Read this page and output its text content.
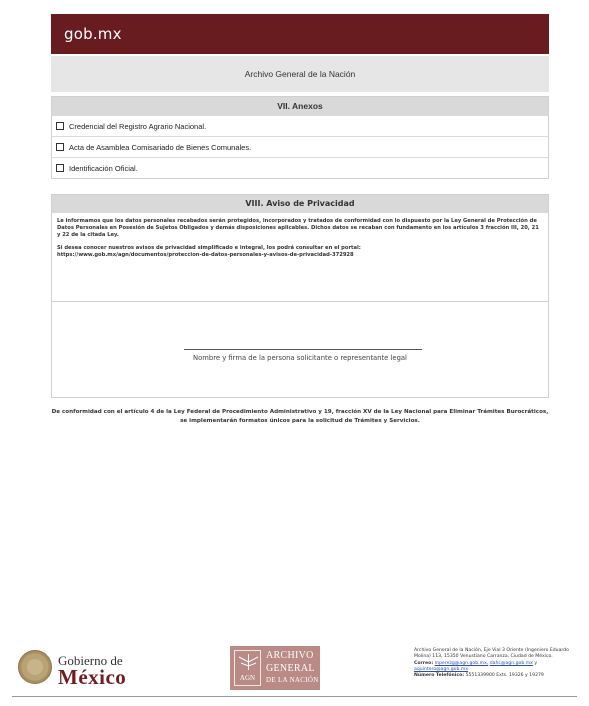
gob.mx
Archivo General de la Nación
VII. Anexos
Credencial del Registro Agrario Nacional.
Acta de Asamblea Comisariado de Bienes Comunales.
Identificación Oficial.
VIII. Aviso de Privacidad

Le informamos que los datos personales recabados serán protegidos, incorporados y tratados de conformidad con lo dispuesto por la Ley General de Protección de Datos Personales en Posesión de Sujetos Obligados y demás disposiciones aplicables. Dichos datos se recaban con fundamento en los artículos 3 fracción III, 20, 21 y 22 de la citada Ley.

Si desea conocer nuestros avisos de privacidad simplificado e integral, los podrá consultar en el portal:
https://www.gob.mx/agn/documentos/proteccion-de-datos-personales-y-avisos-de-privacidad-372928

Nombre y firma de la persona solicitante o representante legal
De conformidad con el artículo 4 de la Ley Federal de Procedimiento Administrativo y 19, fracción XV de la Ley Nacional para Eliminar Trámites Burocráticos, se implementarán formatos únicos para la solicitud de Trámites y Servicios.
Gobierno de
México	AGN
ARCHIVO
GENERAL
DE LA NACIÓN
Archivo General de la Nación, Eje Vial 3 Oriente (Ingeniero Eduardo Molina) 113, 15350 Venustiano Carranza, Ciudad de México.
Correo: mperezg@agn.gob.mx, dahc@agn.gob.mx y aquintero@agn.gob.mx
Número Telefónico: 5551339900 Exts. 19326 y 19279
